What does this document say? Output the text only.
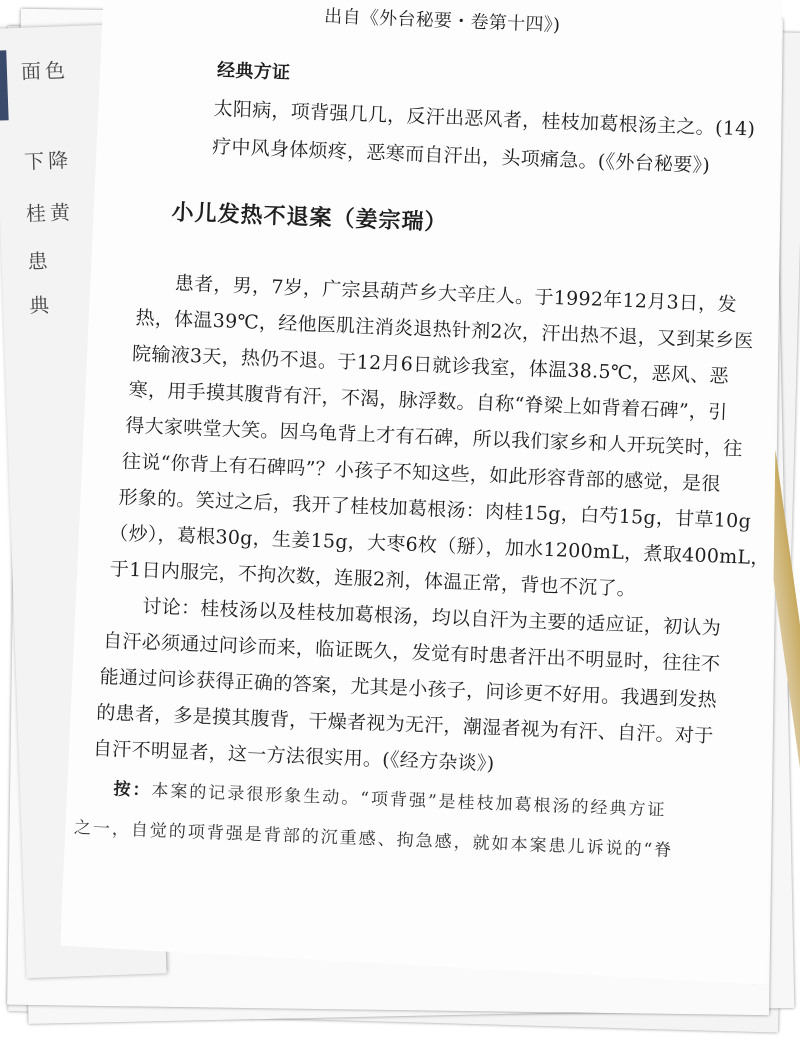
面色
下降
桂黄
患
典
出自《外台秘要・卷第十四》)
经典方证
太阳病，项背强几几，反汗出恶风者，桂枝加葛根汤主之。(14)
疗中风身体烦疼，恶寒而自汗出，头项痛急。(《外台秘要》)
小儿发热不退案（姜宗瑞）
患者，男，7岁，广宗县葫芦乡大辛庄人。于1992年12月3日，发
热，体温39℃，经他医肌注消炎退热针剂2次，汗出热不退，又到某乡医
院输液3天，热仍不退。于12月6日就诊我室，体温38.5℃，恶风、恶
寒，用手摸其腹背有汗，不渴，脉浮数。自称“脊梁上如背着石碑”，引
得大家哄堂大笑。因乌龟背上才有石碑，所以我们家乡和人开玩笑时，往
往说“你背上有石碑吗”？小孩子不知这些，如此形容背部的感觉，是很
形象的。笑过之后，我开了桂枝加葛根汤：肉桂15g，白芍15g，甘草10g
（炒），葛根30g，生姜15g，大枣6枚（掰），加水1200mL，煮取400mL，
于1日内服完，不拘次数，连服2剂，体温正常，背也不沉了。
讨论：桂枝汤以及桂枝加葛根汤，均以自汗为主要的适应证，初认为
自汗必须通过问诊而来，临证既久，发觉有时患者汗出不明显时，往往不
能通过问诊获得正确的答案，尤其是小孩子，问诊更不好用。我遇到发热
的患者，多是摸其腹背，干燥者视为无汗，潮湿者视为有汗、自汗。对于
自汗不明显者，这一方法很实用。(《经方杂谈》)
按：本案的记录很形象生动。“项背强”是桂枝加葛根汤的经典方证
之一，自觉的项背强是背部的沉重感、拘急感，就如本案患儿诉说的“脊
